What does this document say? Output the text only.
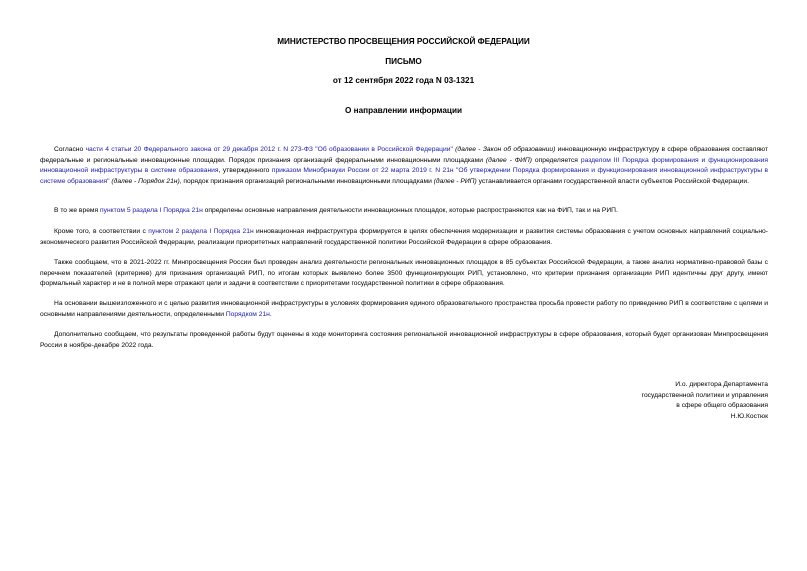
МИНИСТЕРСТВО ПРОСВЕЩЕНИЯ РОССИЙСКОЙ ФЕДЕРАЦИИ
ПИСЬМО
от 12 сентября 2022 года N 03-1321
О направлении информации
Согласно части 4 статьи 20 Федерального закона от 29 декабря 2012 г. N 273-ФЗ "Об образовании в Российской Федерации" (далее - Закон об образовании) инновационную инфраструктуру в сфере образования составляют федеральные и региональные инновационные площадки. Порядок признания организаций федеральными инновационными площадками (далее - ФИП) определяется разделом III Порядка формирования и функционирования инновационной инфраструктуры в системе образования, утвержденного приказом Минобрнауки России от 22 марта 2019 г. N 21н "Об утверждении Порядка формирования и функционирования инновационной инфраструктуры в системе образования" (далее - Порядок 21н), порядок признания организаций региональными инновационными площадками (далее - РИП) устанавливается органами государственной власти субъектов Российской Федерации.
В то же время пунктом 5 раздела I Порядка 21н определены основные направления деятельности инновационных площадок, которые распространяются как на ФИП, так и на РИП.
Кроме того, в соответствии с пунктом 2 раздела I Порядка 21н инновационная инфраструктура формируется в целях обеспечения модернизации и развития системы образования с учетом основных направлений социально-экономического развития Российской Федерации, реализации приоритетных направлений государственной политики Российской Федерации в сфере образования.
Также сообщаем, что в 2021-2022 гг. Минпросвещения России был проведен анализ деятельности региональных инновационных площадок в 85 субъектах Российской Федерации, а также анализ нормативно-правовой базы с перечнем показателей (критериев) для признания организаций РИП, по итогам которых выявлено более 3500 функционирующих РИП, установлено, что критерии признания организации РИП идентичны друг другу, имеют формальный характер и не в полной мере отражают цели и задачи в соответствии с приоритетами государственной политики в сфере образования.
На основании вышеизложенного и с целью развития инновационной инфраструктуры в условиях формирования единого образовательного пространства просьба провести работу по приведению РИП в соответствие с целями и основными направлениями деятельности, определенными Порядком 21н.
Дополнительно сообщаем, что результаты проведенной работы будут оценены в ходе мониторинга состояния региональной инновационной инфраструктуры в сфере образования, который будет организован Минпросвещения России в ноябре-декабре 2022 года.
И.о. директора Департамента
государственной политики и управления
в сфере общего образования
Н.Ю.Костюк
